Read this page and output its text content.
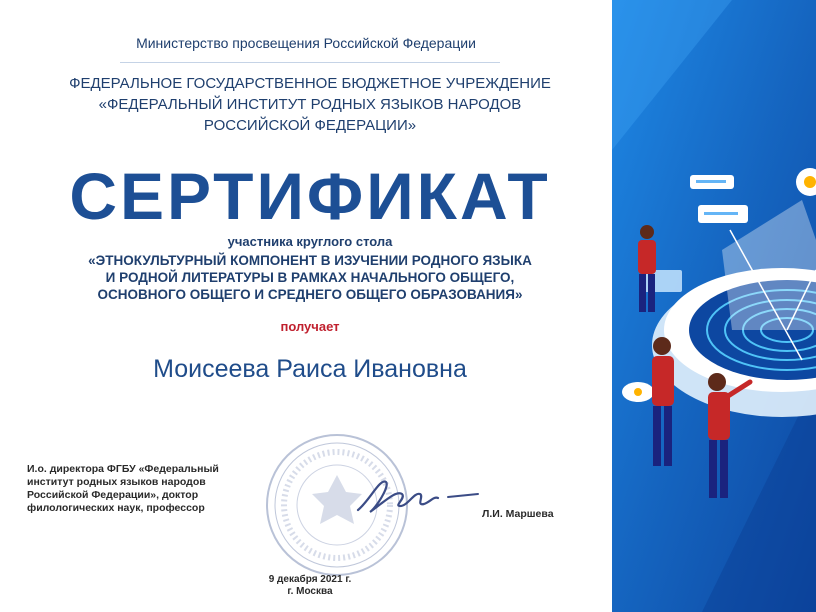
Министерство просвещения Российской Федерации
ФЕДЕРАЛЬНОЕ ГОСУДАРСТВЕННОЕ БЮДЖЕТНОЕ УЧРЕЖДЕНИЕ
«ФЕДЕРАЛЬНЫЙ ИНСТИТУТ РОДНЫХ ЯЗЫКОВ НАРОДОВ
РОССИЙСКОЙ ФЕДЕРАЦИИ»
СЕРТИФИКАТ
участника круглого стола
«ЭТНОКУЛЬТУРНЫЙ КОМПОНЕНТ В ИЗУЧЕНИИ РОДНОГО ЯЗЫКА
И РОДНОЙ ЛИТЕРАТУРЫ В РАМКАХ НАЧАЛЬНОГО ОБЩЕГО,
ОСНОВНОГО ОБЩЕГО И СРЕДНЕГО ОБЩЕГО ОБРАЗОВАНИЯ»
получает
Моисеева Раиса Ивановна
И.о. директора ФГБУ «Федеральный
институт родных языков народов
Российской Федерации», доктор
филологических наук, профессор	Л.И. Маршева
9 декабря 2021 г.
г. Москва
